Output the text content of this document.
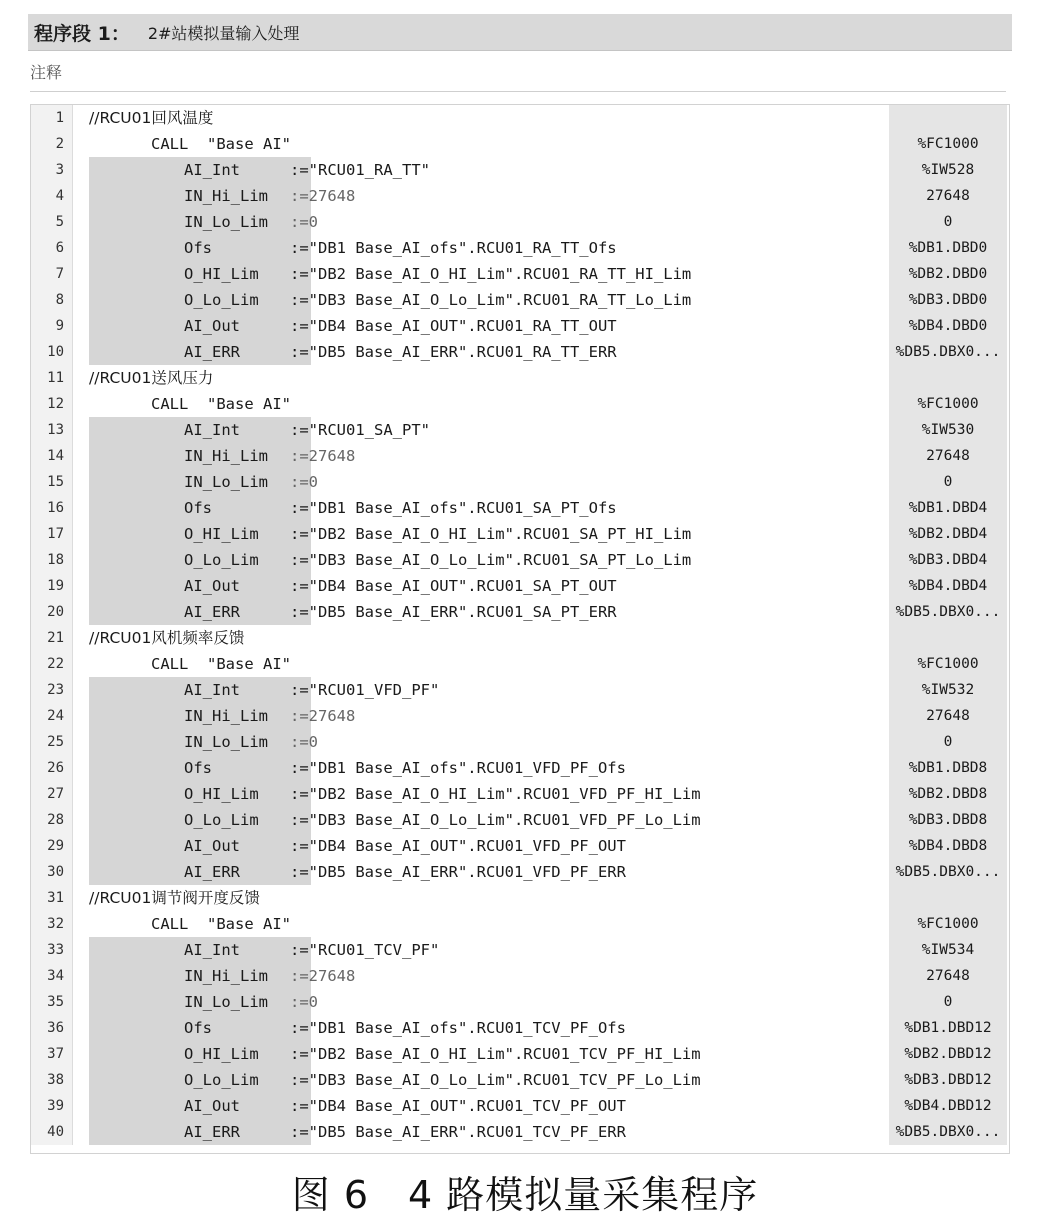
程序段 1： 2#站模拟量输入处理
注释
1	//RCU01回风温度
2	CALL  "Base AI"	%FC1000
3	AI_Int	:="RCU01_RA_TT"	%IW528
4	IN_Hi_Lim :=27648	27648
5	IN_Lo_Lim :=0	0
6	Ofs	:="DB1 Base_AI_ofs".RCU01_RA_TT_Ofs	%DB1.DBD0
7	O_HI_Lim :="DB2 Base_AI_O_HI_Lim".RCU01_RA_TT_HI_Lim	%DB2.DBD0
8	O_Lo_Lim :="DB3 Base_AI_O_Lo_Lim".RCU01_RA_TT_Lo_Lim	%DB3.DBD0
9	AI_Out	:="DB4 Base_AI_OUT".RCU01_RA_TT_OUT	%DB4.DBD0
10	AI_ERR	:="DB5 Base_AI_ERR".RCU01_RA_TT_ERR	%DB5.DBX0...
11	//RCU01送风压力
12	CALL  "Base AI"	%FC1000
13	AI_Int	:="RCU01_SA_PT"	%IW530
14	IN_Hi_Lim :=27648	27648
15	IN_Lo_Lim :=0	0
16	Ofs	:="DB1 Base_AI_ofs".RCU01_SA_PT_Ofs	%DB1.DBD4
17	O_HI_Lim :="DB2 Base_AI_O_HI_Lim".RCU01_SA_PT_HI_Lim	%DB2.DBD4
18	O_Lo_Lim :="DB3 Base_AI_O_Lo_Lim".RCU01_SA_PT_Lo_Lim	%DB3.DBD4
19	AI_Out	:="DB4 Base_AI_OUT".RCU01_SA_PT_OUT	%DB4.DBD4
20	AI_ERR	:="DB5 Base_AI_ERR".RCU01_SA_PT_ERR	%DB5.DBX0...
21	//RCU01风机频率反馈
22	CALL  "Base AI"	%FC1000
23	AI_Int	:="RCU01_VFD_PF"	%IW532
24	IN_Hi_Lim :=27648	27648
25	IN_Lo_Lim :=0	0
26	Ofs	:="DB1 Base_AI_ofs".RCU01_VFD_PF_Ofs	%DB1.DBD8
27	O_HI_Lim :="DB2 Base_AI_O_HI_Lim".RCU01_VFD_PF_HI_Lim	%DB2.DBD8
28	O_Lo_Lim :="DB3 Base_AI_O_Lo_Lim".RCU01_VFD_PF_Lo_Lim	%DB3.DBD8
29	AI_Out	:="DB4 Base_AI_OUT".RCU01_VFD_PF_OUT	%DB4.DBD8
30	AI_ERR	:="DB5 Base_AI_ERR".RCU01_VFD_PF_ERR	%DB5.DBX0...
31	//RCU01调节阀开度反馈
32	CALL  "Base AI"	%FC1000
33	AI_Int	:="RCU01_TCV_PF"	%IW534
34	IN_Hi_Lim :=27648	27648
35	IN_Lo_Lim :=0	0
36	Ofs	:="DB1 Base_AI_ofs".RCU01_TCV_PF_Ofs	%DB1.DBD12
37	O_HI_Lim :="DB2 Base_AI_O_HI_Lim".RCU01_TCV_PF_HI_Lim	%DB2.DBD12
38	O_Lo_Lim :="DB3 Base_AI_O_Lo_Lim".RCU01_TCV_PF_Lo_Lim	%DB3.DBD12
39	AI_Out	:="DB4 Base_AI_OUT".RCU01_TCV_PF_OUT	%DB4.DBD12
40	AI_ERR	:="DB5 Base_AI_ERR".RCU01_TCV_PF_ERR	%DB5.DBX0...
图 6　4 路模拟量采集程序
